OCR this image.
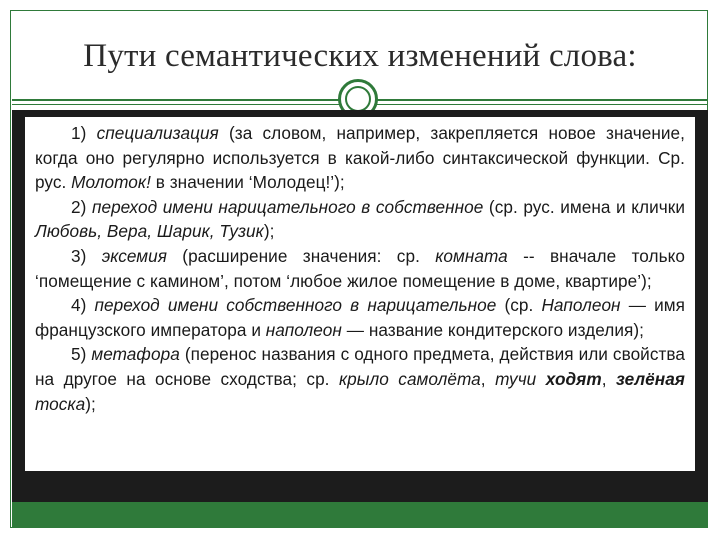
Пути семантических изменений слова:

1) специализация (за словом, например, закрепляется новое значение, когда оно регулярно используется в какой-либо синтаксической функции. Ср. рус. Молоток! в значении ‘Молодец!’);

2) переход имени нарицательного в собственное (ср. рус. имена и клички Любовь, Вера, Шарик, Тузик);

3) эксемия (расширение значения: ср. комната -- вначале только ‘помещение с камином’, потом ‘любое жилое помещение в доме, квартире’);

4) переход имени собственного в нарицательное (ср. Наполеон — имя французского императора и наполеон — название кондитерского изделия);

5) метафора (перенос названия с одного предмета, действия или свойства на другое на основе сходства; ср. крыло самолёта, тучи ходят, зелёная тоска);
